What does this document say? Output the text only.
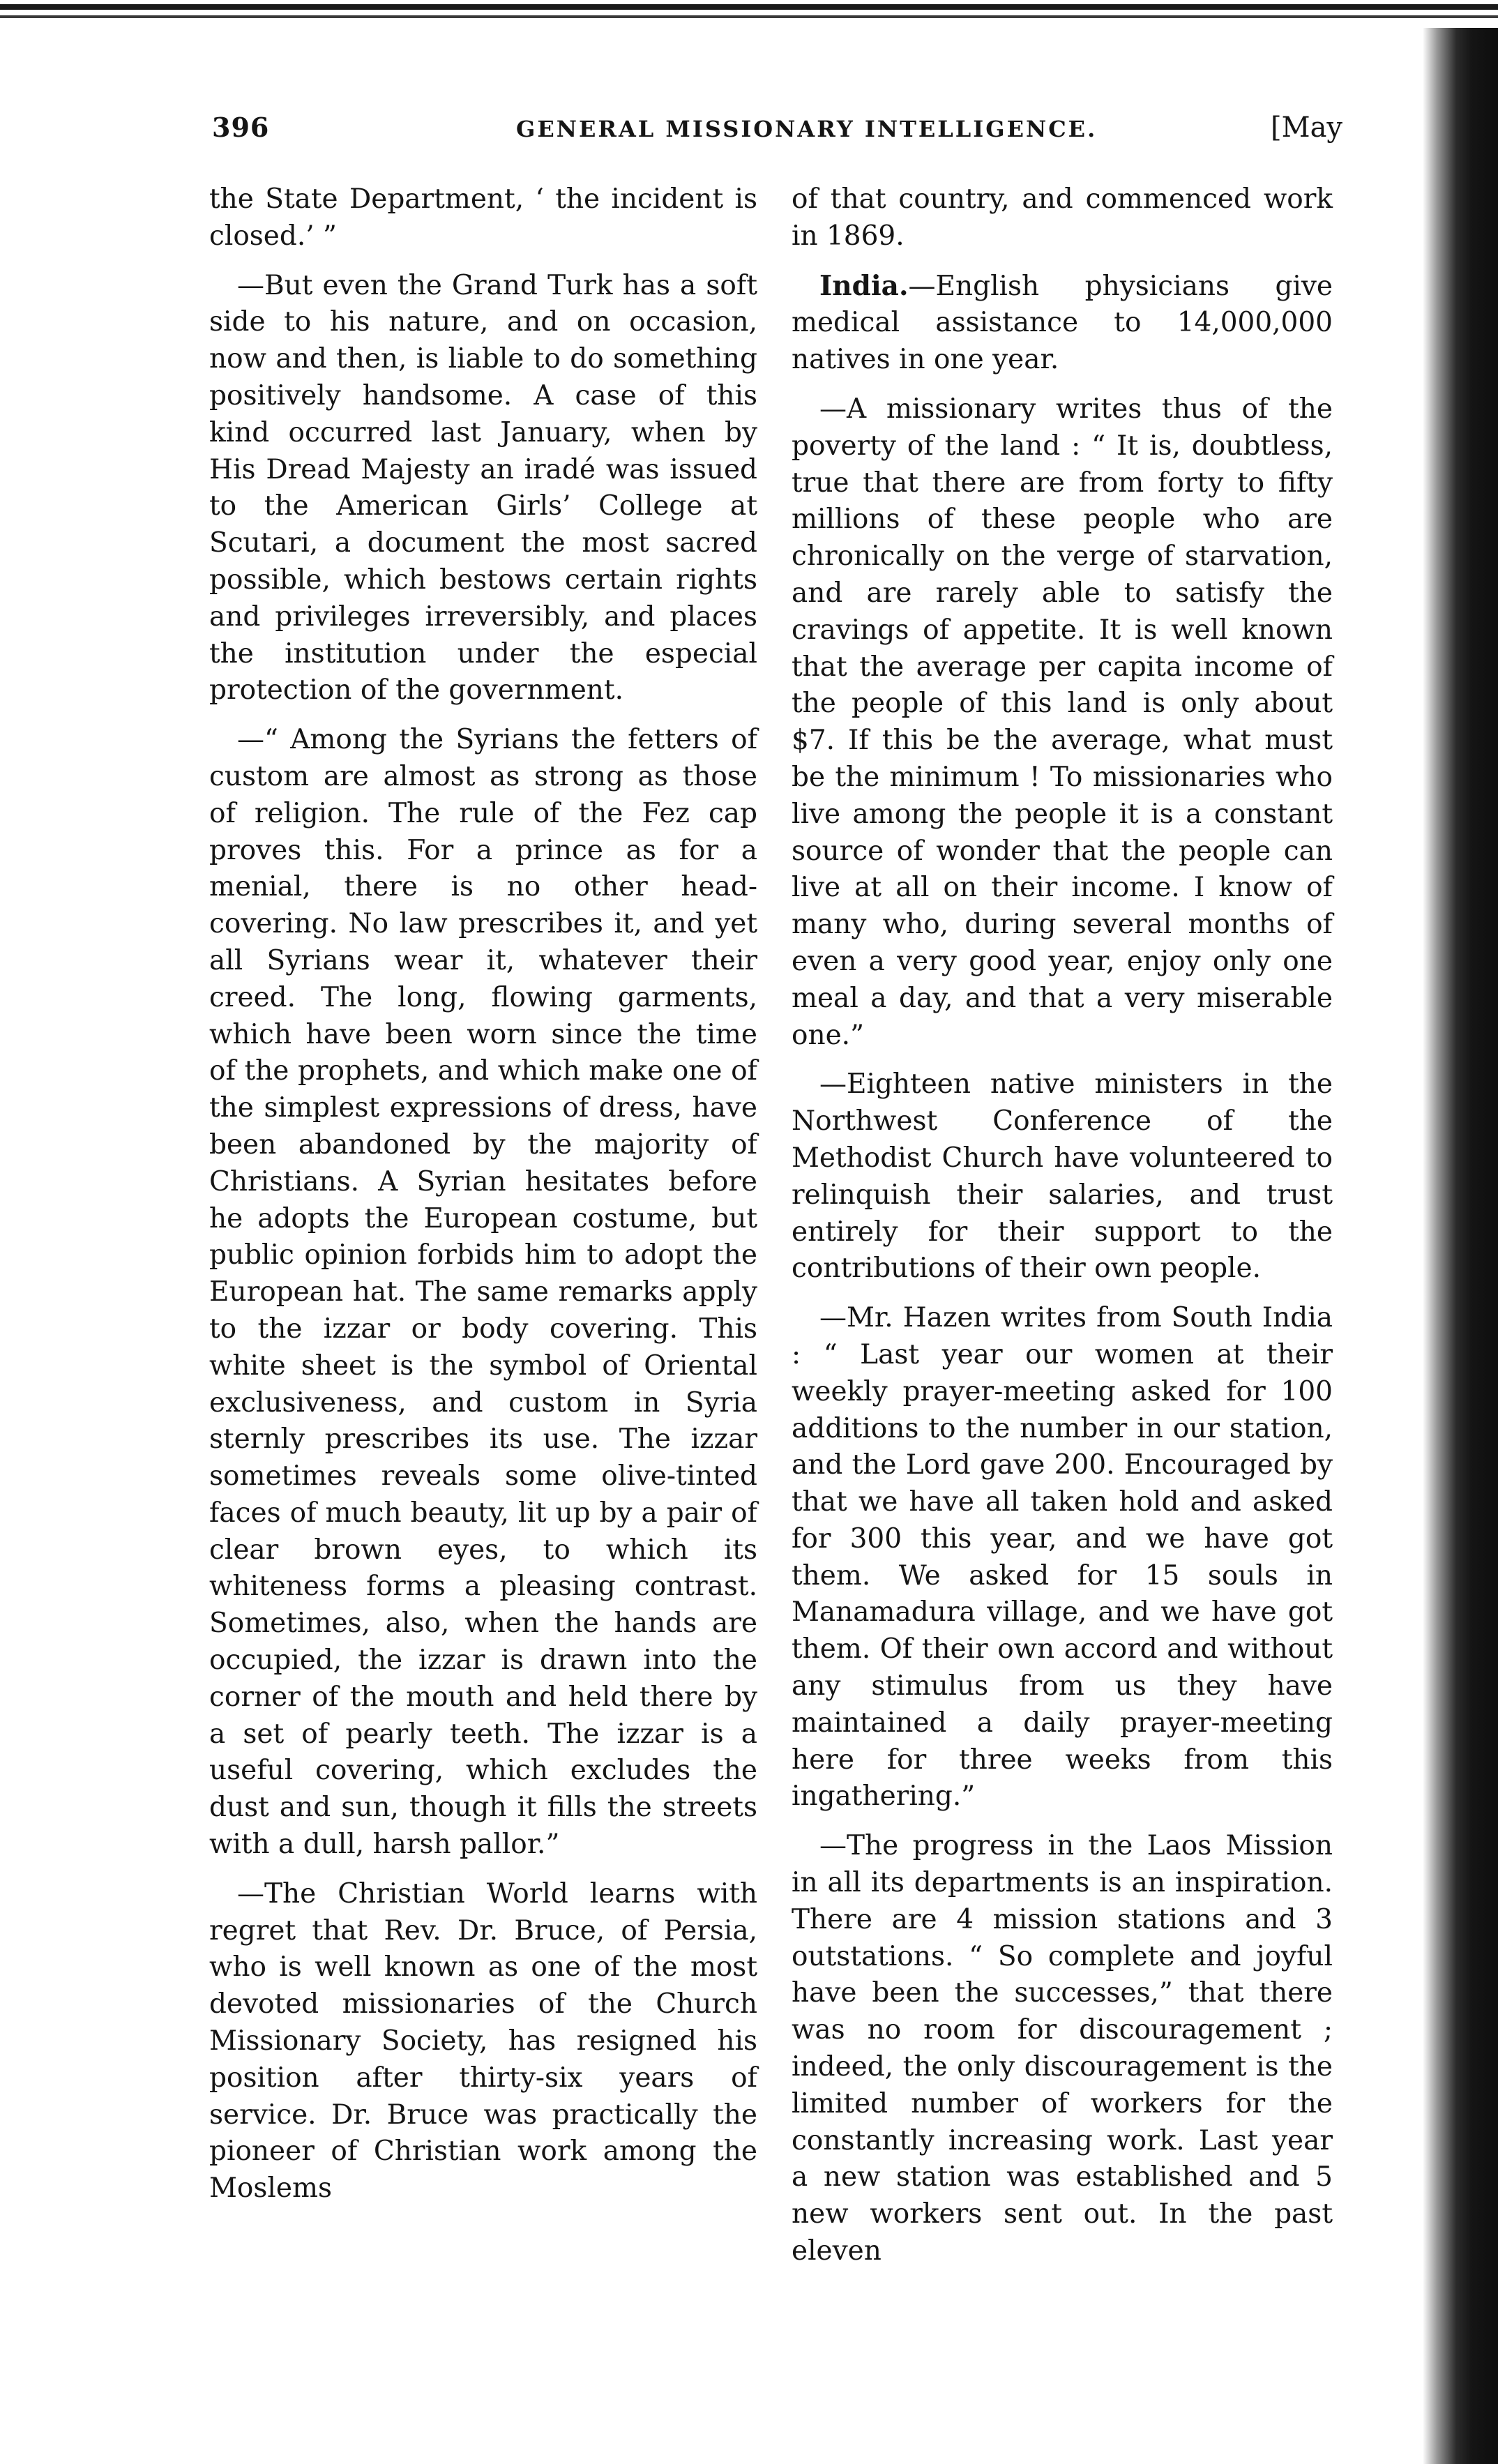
396	GENERAL MISSIONARY INTELLIGENCE.	[May

the State Department, ‘ the incident is closed.’ ”

—But even the Grand Turk has a soft side to his nature, and on occasion, now and then, is liable to do something positively handsome. A case of this kind occurred last January, when by His Dread Majesty an iradé was issued to the American Girls’ College at Scutari, a document the most sacred possible, which bestows certain rights and privileges irreversibly, and places the institution under the especial protection of the government.

—“ Among the Syrians the fetters of custom are almost as strong as those of religion. The rule of the Fez cap proves this. For a prince as for a menial, there is no other head-covering. No law prescribes it, and yet all Syrians wear it, whatever their creed. The long, flowing garments, which have been worn since the time of the prophets, and which make one of the simplest expressions of dress, have been abandoned by the majority of Christians. A Syrian hesitates before he adopts the European costume, but public opinion forbids him to adopt the European hat. The same remarks apply to the izzar or body covering. This white sheet is the symbol of Oriental exclusiveness, and custom in Syria sternly prescribes its use. The izzar sometimes reveals some olive-tinted faces of much beauty, lit up by a pair of clear brown eyes, to which its whiteness forms a pleasing contrast. Sometimes, also, when the hands are occupied, the izzar is drawn into the corner of the mouth and held there by a set of pearly teeth. The izzar is a useful covering, which excludes the dust and sun, though it fills the streets with a dull, harsh pallor.”

—The Christian World learns with regret that Rev. Dr. Bruce, of Persia, who is well known as one of the most devoted missionaries of the Church Missionary Society, has resigned his position after thirty-six years of service. Dr. Bruce was practically the pioneer of Christian work among the Moslems

of that country, and commenced work in 1869.

India.—English physicians give medical assistance to 14,000,000 natives in one year.

—A missionary writes thus of the poverty of the land : “ It is, doubtless, true that there are from forty to fifty millions of these people who are chronically on the verge of starvation, and are rarely able to satisfy the cravings of appetite. It is well known that the average per capita income of the people of this land is only about $7. If this be the average, what must be the minimum ! To missionaries who live among the people it is a constant source of wonder that the people can live at all on their income. I know of many who, during several months of even a very good year, enjoy only one meal a day, and that a very miserable one.”

—Eighteen native ministers in the Northwest Conference of the Methodist Church have volunteered to relinquish their salaries, and trust entirely for their support to the contributions of their own people.

—Mr. Hazen writes from South India : “ Last year our women at their weekly prayer-meeting asked for 100 additions to the number in our station, and the Lord gave 200. Encouraged by that we have all taken hold and asked for 300 this year, and we have got them. We asked for 15 souls in Manamadura village, and we have got them. Of their own accord and without any stimulus from us they have maintained a daily prayer-meeting here for three weeks from this ingathering.”

—The progress in the Laos Mission in all its departments is an inspiration. There are 4 mission stations and 3 outstations. “ So complete and joyful have been the successes,” that there was no room for discouragement ; indeed, the only discouragement is the limited number of workers for the constantly increasing work. Last year a new station was established and 5 new workers sent out. In the past eleven
